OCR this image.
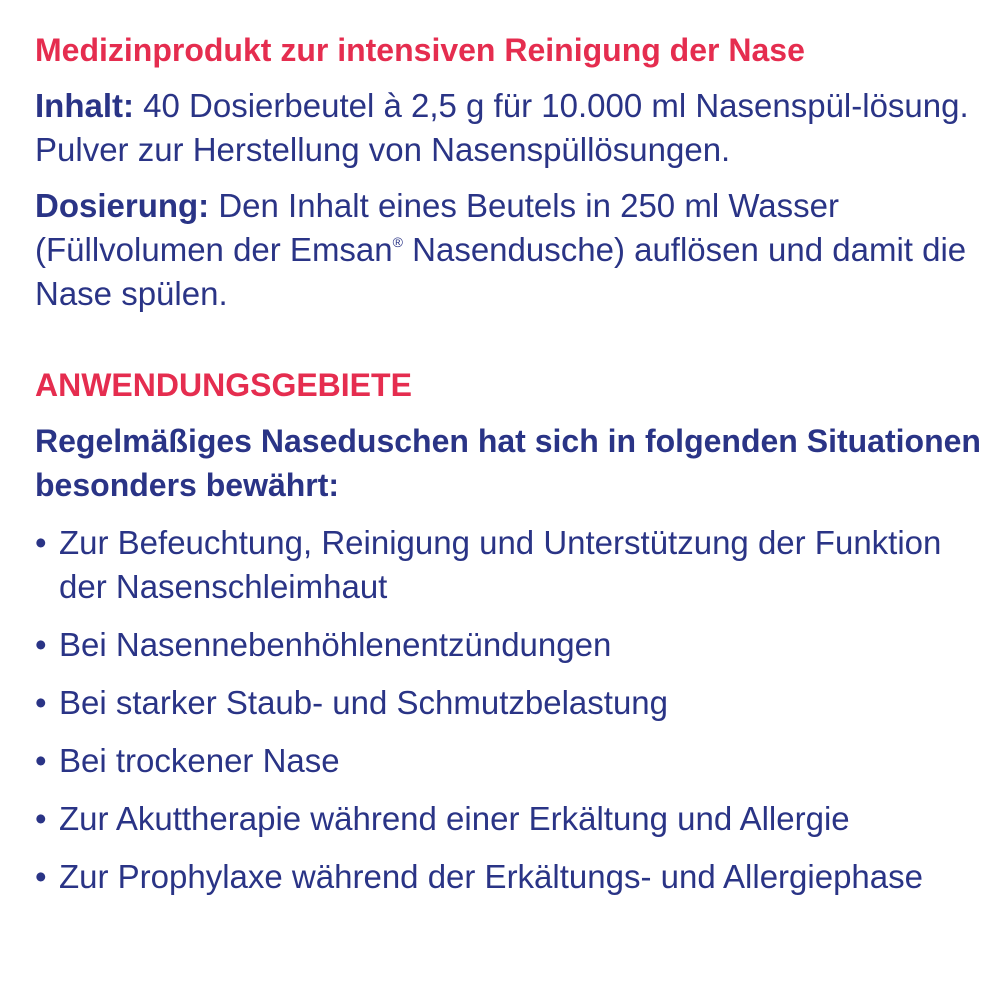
Medizinprodukt zur intensiven Reinigung der Nase

Inhalt: 40 Dosierbeutel à 2,5 g für 10.000 ml Nasenspül-lösung. Pulver zur Herstellung von Nasenspüllösungen.

Dosierung: Den Inhalt eines Beutels in 250 ml Wasser (Füllvolumen der Emsan® Nasendusche) auflösen und damit die Nase spülen.

ANWENDUNGSGEBIETE

Regelmäßiges Naseduschen hat sich in folgenden Situationen besonders bewährt:

• Zur Befeuchtung, Reinigung und Unterstützung der Funktion der Nasenschleimhaut
• Bei Nasennebenhöhlenentzündungen
• Bei starker Staub- und Schmutzbelastung
• Bei trockener Nase
• Zur Akuttherapie während einer Erkältung und Allergie
• Zur Prophylaxe während der Erkältungs- und Allergiephase
